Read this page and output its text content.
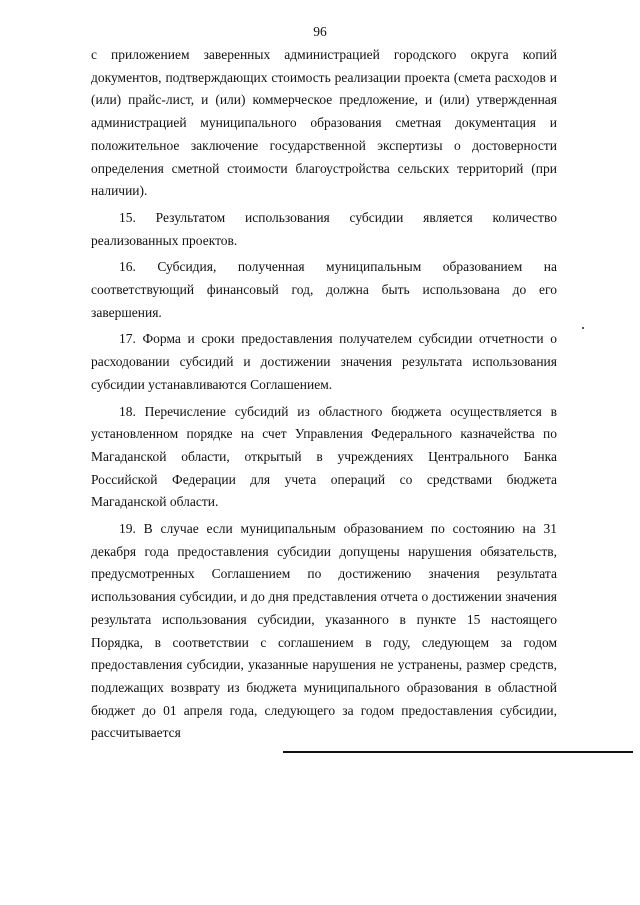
96

с приложением заверенных администрацией городского округа копий документов, подтверждающих стоимость реализации проекта (смета расходов и (или) прайс-лист, и (или) коммерческое предложение, и (или) утвержденная администрацией муниципального образования сметная документация и положительное заключение государственной экспертизы о достоверности определения сметной стоимости благоустройства сельских территорий (при наличии).

15. Результатом использования субсидии является количество реализованных проектов.

16. Субсидия, полученная муниципальным образованием на соответствующий финансовый год, должна быть использована до его завершения.

17. Форма и сроки предоставления получателем субсидии отчетности о расходовании субсидий и достижении значения результата использования субсидии устанавливаются Соглашением.

18. Перечисление субсидий из областного бюджета осуществляется в установленном порядке на счет Управления Федерального казначейства по Магаданской области, открытый в учреждениях Центрального Банка Российской Федерации для учета операций со средствами бюджета Магаданской области.

19. В случае если муниципальным образованием по состоянию на 31 декабря года предоставления субсидии допущены нарушения обязательств, предусмотренных Соглашением по достижению значения результата использования субсидии, и до дня представления отчета о достижении значения результата использования субсидии, указанного в пункте 15 настоящего Порядка, в соответствии с соглашением в году, следующем за годом предоставления субсидии, указанные нарушения не устранены, размер средств, подлежащих возврату из бюджета муниципального образования в областной бюджет до 01 апреля года, следующего за годом предоставления субсидии, рассчитывается
